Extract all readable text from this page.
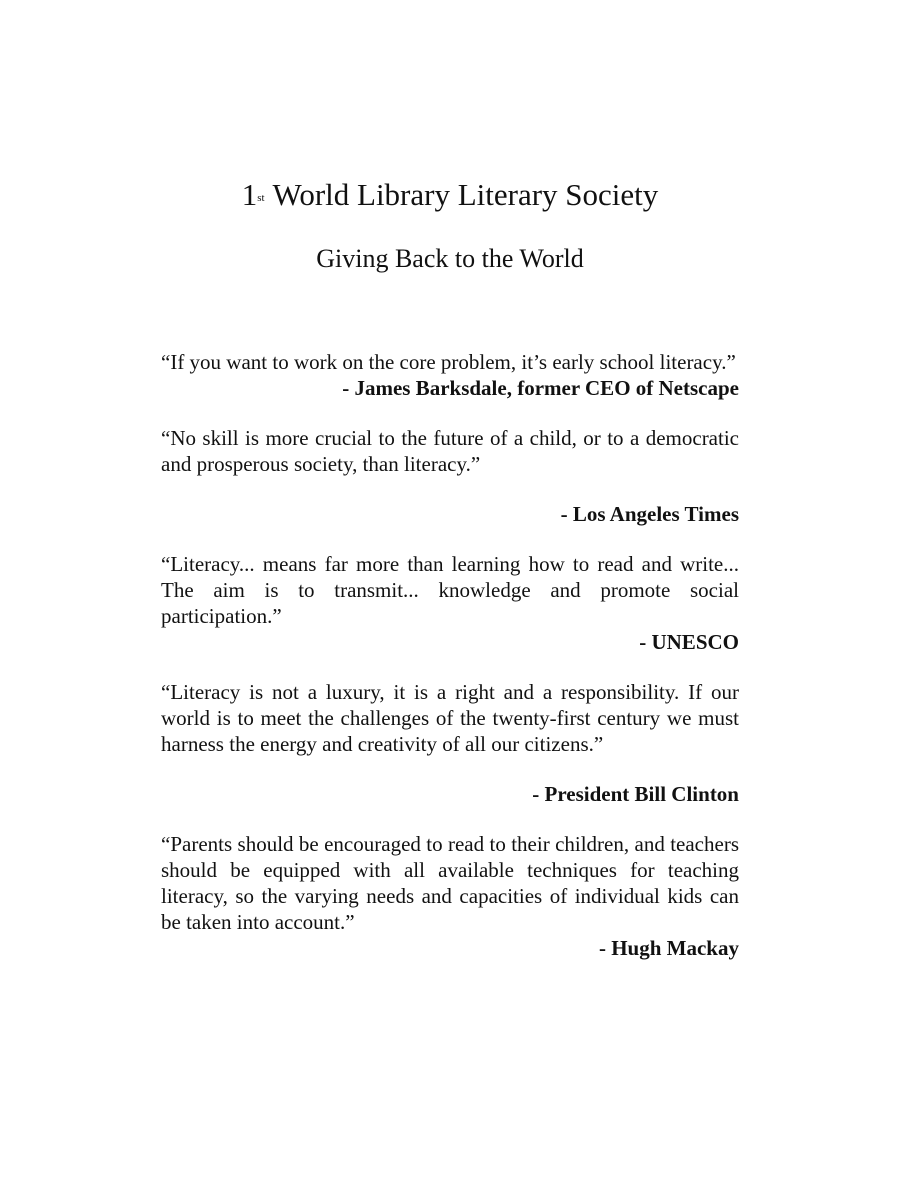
1st World Library Literary Society
Giving Back to the World

“If you want to work on the core problem, it’s early school literacy.”

- James Barksdale, former CEO of Netscape

“No skill is more crucial to the future of a child, or to a democratic and prosperous society, than literacy.”

- Los Angeles Times

“Literacy... means far more than learning how to read and write... The aim is to transmit... knowledge and promote social participation.”

- UNESCO

“Literacy is not a luxury, it is a right and a responsibility. If our world is to meet the challenges of the twenty-first century we must harness the energy and creativity of all our citizens.”

- President Bill Clinton

“Parents should be encouraged to read to their children, and teachers should be equipped with all available techniques for teaching literacy, so the varying needs and capacities of individual kids can be taken into account.”

- Hugh Mackay
